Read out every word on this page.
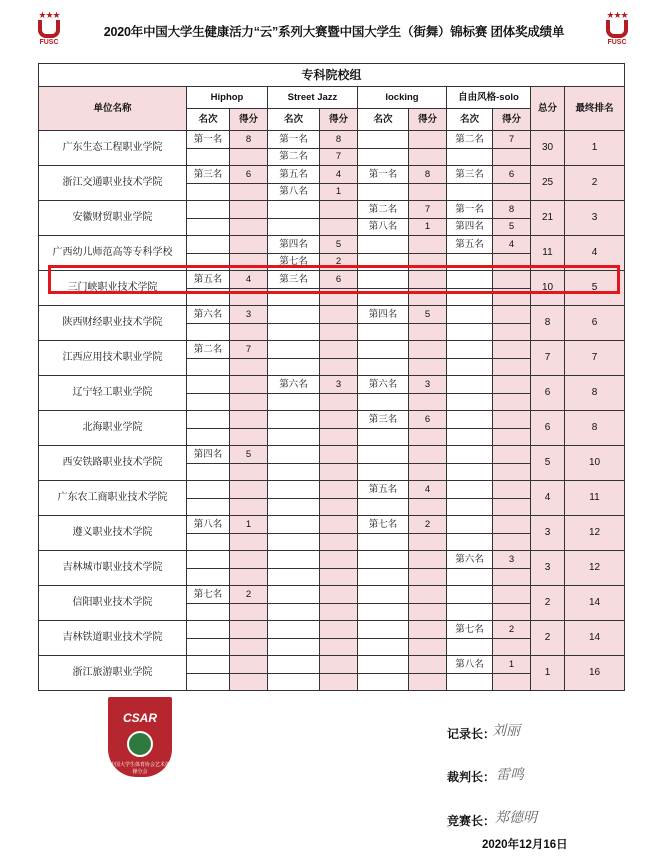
★★★
FUSC
2020年中国大学生健康活力“云”系列大赛暨中国大学生（街舞）锦标赛 团体奖成绩单
★★★
FUSC
专科院校组										
单位名称	Hiphop		Street Jazz		locking		自由风格-solo		总分	最终排名
	名次	得分	名次	得分	名次	得分	名次	得分		
广东生态工程职业学院	第一名	8	第一名	8			第二名	7	30	1
			第二名	7						
浙江交通职业技术学院	第三名	6	第五名	4	第一名	8	第三名	6	25	2
			第八名	1						
安徽财贸职业学院					第二名	7	第一名	8	21	3
					第八名	1	第四名	5		
广西幼儿师范高等专科学校			第四名	5			第五名	4	11	4
			第七名	2						
三门峡职业技术学院	第五名	4	第三名	6					10	5

陕西财经职业技术学院	第六名	3			第四名	5			8	6

江西应用技术职业学院	第二名	7							7	7

辽宁轻工职业学院			第六名	3	第六名	3			6	8

北海职业学院					第三名	6			6	8

西安铁路职业技术学院	第四名	5							5	10

广东农工商职业技术学院					第五名	4			4	11

遵义职业技术学院	第八名	1			第七名	2			3	12

吉林城市职业技术学院							第六名	3	3	12

信阳职业技术学院	第七名	2							2	14

吉林铁道职业技术学院							第七名	2	2	14

浙江旅游职业学院							第八名	1	1	16

CSAR
中国大学生体育协会艺术体操分会
记录长：
刘丽
裁判长： 雷鸣
竞赛长： 郑德明
2020年12月16日
